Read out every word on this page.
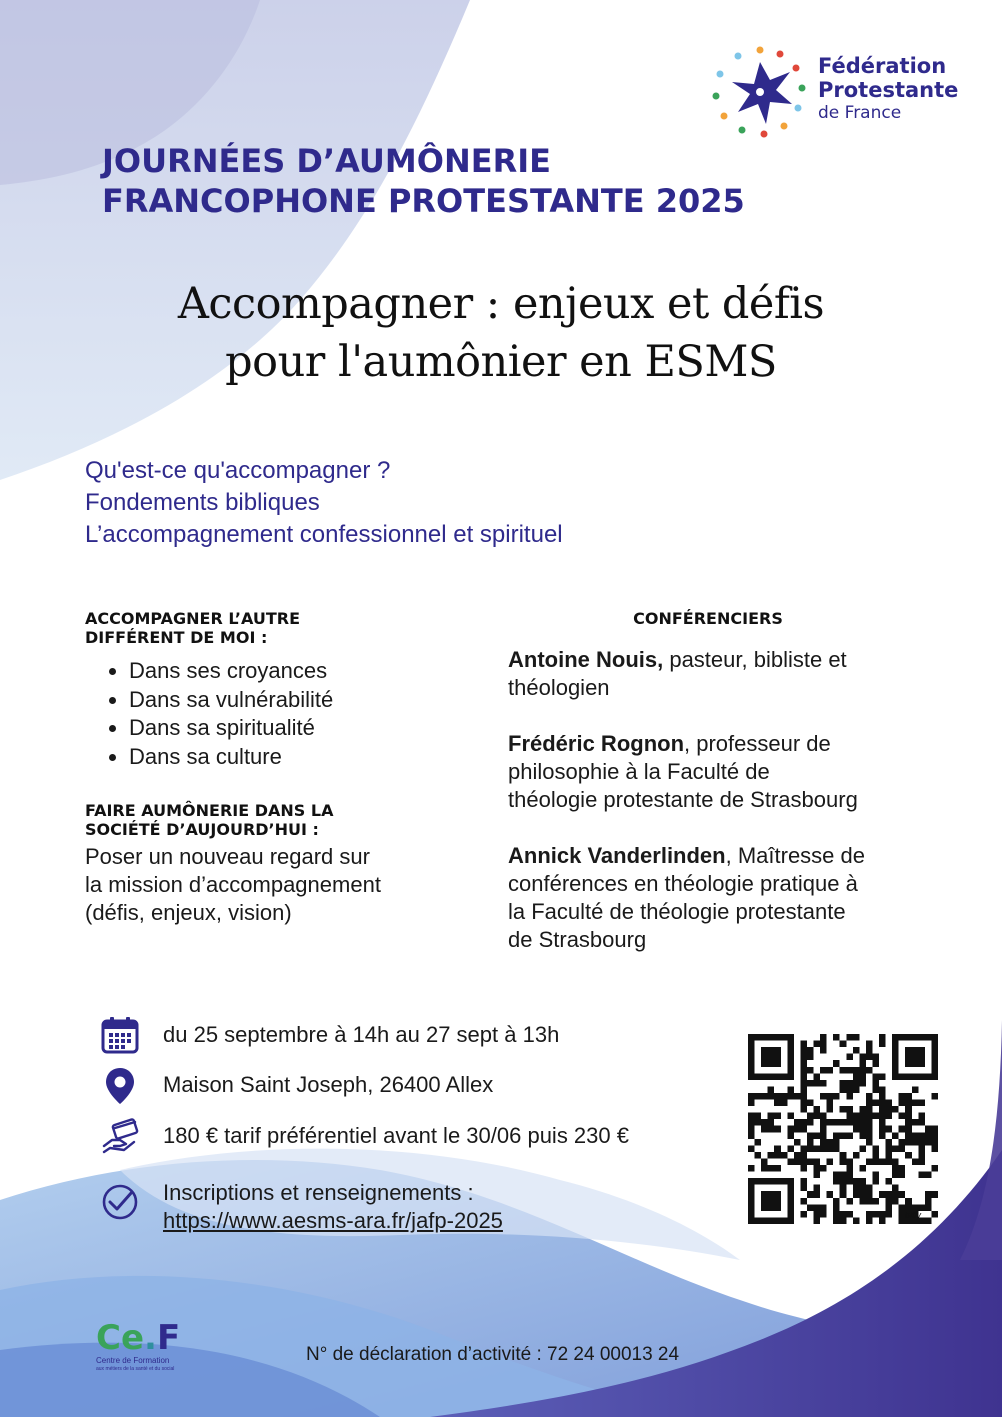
Fédération
Protestante
de France
JOURNÉES D’AUMÔNERIE
FRANCOPHONE PROTESTANTE 2025
Accompagner : enjeux et défis
pour l'aumônier en ESMS
Qu'est-ce qu'accompagner ?
Fondements bibliques
L’accompagnement confessionnel et spirituel
ACCOMPAGNER L’AUTRE
DIFFÉRENT DE MOI :
• Dans ses croyances
• Dans sa vulnérabilité
• Dans sa spiritualité
• Dans sa culture
FAIRE AUMÔNERIE DANS LA
SOCIÉTÉ D’AUJOURD’HUI :
Poser un nouveau regard sur
la mission d’accompagnement
(défis, enjeux, vision)
CONFÉRENCIERS
Antoine Nouis, pasteur, bibliste et
théologien
Frédéric Rognon, professeur de
philosophie à la Faculté de
théologie protestante de Strasbourg
Annick Vanderlinden, Maîtresse de
conférences en théologie pratique à
la Faculté de théologie protestante
de Strasbourg
du 25 septembre à 14h au 27 sept à 13h
Maison Saint Joseph, 26400 Allex
180 € tarif préférentiel avant le 30/06 puis 230 €
Inscriptions et renseignements :
https://www.aesms-ara.fr/jafp-2025	bitly
Ce.F
Centre de Formation
aux métiers de la santé et du social
N° de déclaration d’activité : 72 24 00013 24
